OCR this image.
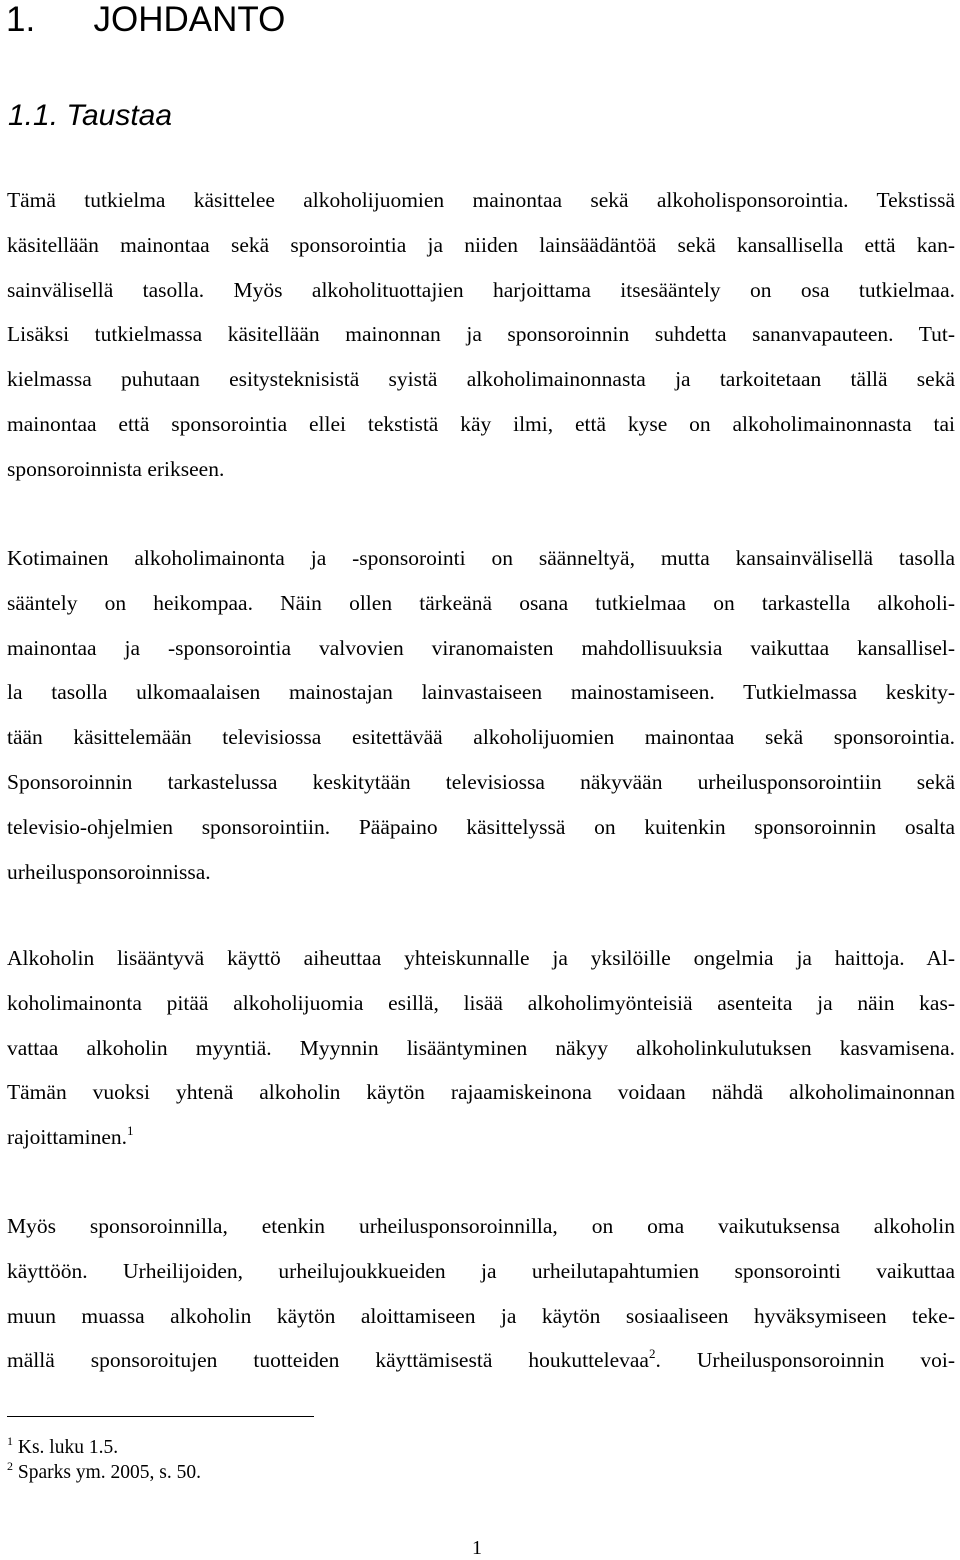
1.      JOHDANTO
1.1. Taustaa
Tämä tutkielma käsittelee alkoholijuomien mainontaa sekä alkoholisponsorointia. Tekstissä
käsitellään mainontaa sekä sponsorointia ja niiden lainsäädäntöä sekä kansallisella että kan-
sainvälisellä tasolla. Myös alkoholituottajien harjoittama itsesääntely on osa tutkielmaa.
Lisäksi tutkielmassa käsitellään mainonnan ja sponsoroinnin suhdetta sananvapauteen. Tut-
kielmassa puhutaan esitysteknisistä syistä alkoholimainonnasta ja tarkoitetaan tällä sekä
mainontaa että sponsorointia ellei tekstistä käy ilmi, että kyse on alkoholimainonnasta tai
sponsoroinnista erikseen.
Kotimainen alkoholimainonta ja -sponsorointi on säänneltyä, mutta kansainvälisellä tasolla
sääntely on heikompaa. Näin ollen tärkeänä osana tutkielmaa on tarkastella alkoholi-
mainontaa ja -sponsorointia valvovien viranomaisten mahdollisuuksia vaikuttaa kansallisel-
la tasolla ulkomaalaisen mainostajan lainvastaiseen mainostamiseen. Tutkielmassa keskity-
tään käsittelemään televisiossa esitettävää alkoholijuomien mainontaa sekä sponsorointia.
Sponsoroinnin tarkastelussa keskitytään televisiossa näkyvään urheilusponsorointiin sekä
televisio-ohjelmien sponsorointiin. Pääpaino käsittelyssä on kuitenkin sponsoroinnin osalta
urheilusponsoroinnissa.
Alkoholin lisääntyvä käyttö aiheuttaa yhteiskunnalle ja yksilöille ongelmia ja haittoja. Al-
koholimainonta pitää alkoholijuomia esillä, lisää alkoholimyönteisiä asenteita ja näin kas-
vattaa alkoholin myyntiä. Myynnin lisääntyminen näkyy alkoholinkulutuksen kasvamisena.
Tämän vuoksi yhtenä alkoholin käytön rajaamiskeinona voidaan nähdä alkoholimainonnan
rajoittaminen.$^1$
Myös sponsoroinnilla, etenkin urheilusponsoroinnilla, on oma vaikutuksensa alkoholin
käyttöön. Urheilijoiden, urheilujoukkueiden ja urheilutapahtumien sponsorointi vaikuttaa
muun muassa alkoholin käytön aloittamiseen ja käytön sosiaaliseen hyväksymiseen teke-
mällä sponsoroitujen tuotteiden käyttämisestä houkuttelevaa$^2$. Urheilusponsoroinnin voi-

$^1$ Ks. luku 1.5.

$^2$ Sparks ym. 2005, s. 50.

1
